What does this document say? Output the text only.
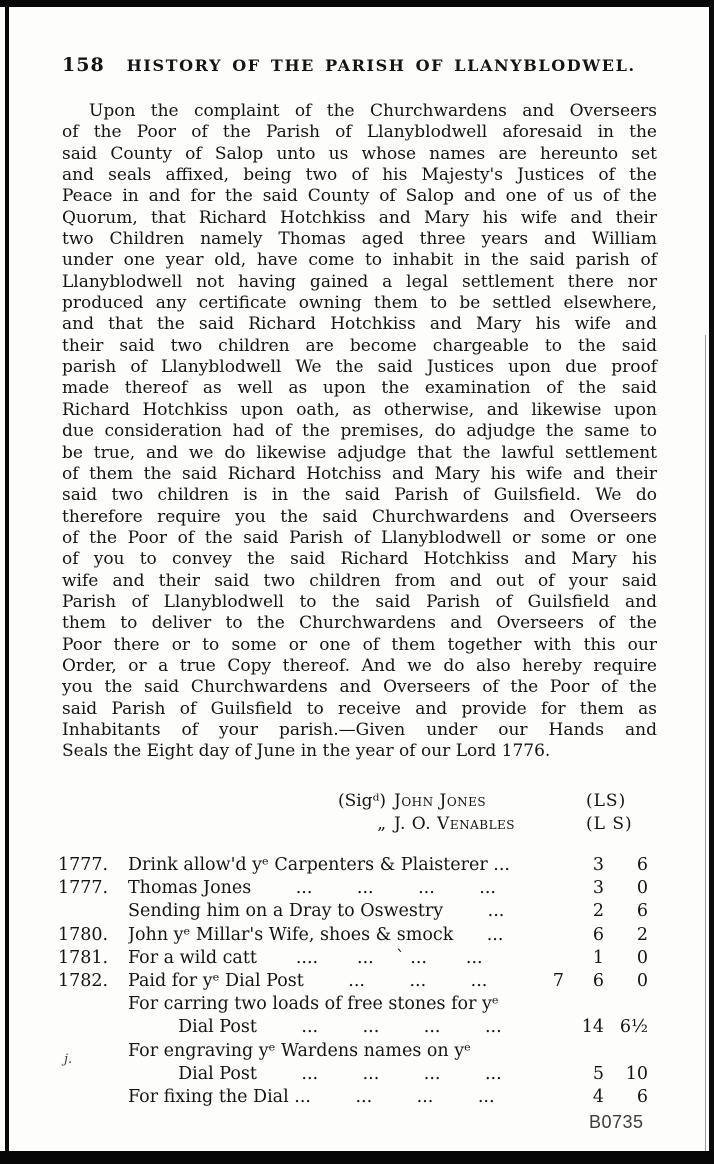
158 HISTORY OF THE PARISH OF LLANYBLODWEL.
Upon the complaint of the Churchwardens and Overseers
of the Poor of the Parish of Llanyblodwell aforesaid in the
said County of Salop unto us whose names are hereunto set
and seals affixed, being two of his Majesty's Justices of the
Peace in and for the said County of Salop and one of us of the
Quorum, that Richard Hotchkiss and Mary his wife and their
two Children namely Thomas aged three years and William
under one year old, have come to inhabit in the said parish of
Llanyblodwell not having gained a legal settlement there nor
produced any certificate owning them to be settled elsewhere,
and that the said Richard Hotchkiss and Mary his wife and
their said two children are become chargeable to the said
parish of Llanyblodwell We the said Justices upon due proof
made thereof as well as upon the examination of the said
Richard Hotchkiss upon oath, as otherwise, and likewise upon
due consideration had of the premises, do adjudge the same to
be true, and we do likewise adjudge that the lawful settlement
of them the said Richard Hotchiss and Mary his wife and their
said two children is in the said Parish of Guilsfield. We do
therefore require you the said Churchwardens and Overseers
of the Poor of the said Parish of Llanyblodwell or some or one
of you to convey the said Richard Hotchkiss and Mary his
wife and their said two children from and out of your said
Parish of Llanyblodwell to the said Parish of Guilsfield and
them to deliver to the Churchwardens and Overseers of the
Poor there or to some or one of them together with this our
Order, or a true Copy thereof. And we do also hereby require
you the said Churchwardens and Overseers of the Poor of the
said Parish of Guilsfield to receive and provide for them as
Inhabitants of your parish.—Given under our Hands and
Seals the Eight day of June in the year of our Lord 1776.
(Sigᵈ) John Jones	(LS)
„ J. O. Venables	(L S)
1777.	Drink allow'd yᵉ Carpenters & Plaisterer ...	3	6
1777.	Thomas Jones        ...        ...        ...        ...	3	0
Sending him on a Dray to Oswestry        ...	2	6
1780.	John yᵉ Millar's Wife, shoes & smock      ...	6	2
1781.	For a wild catt       ....       ...    ` ...       ...	1	0
1782.	Paid for yᵉ Dial Post        ...        ...        ...	7	6	0
For carring two loads of free stones for yᵉ
Dial Post        ...        ...        ...        ...	14 6½
For engraving yᵉ Wardens names on yᵉ
Dial Post        ...        ...        ...        ...	5	10
For fixing the Dial ...        ...        ...        ...	4	6
j.
B0735
